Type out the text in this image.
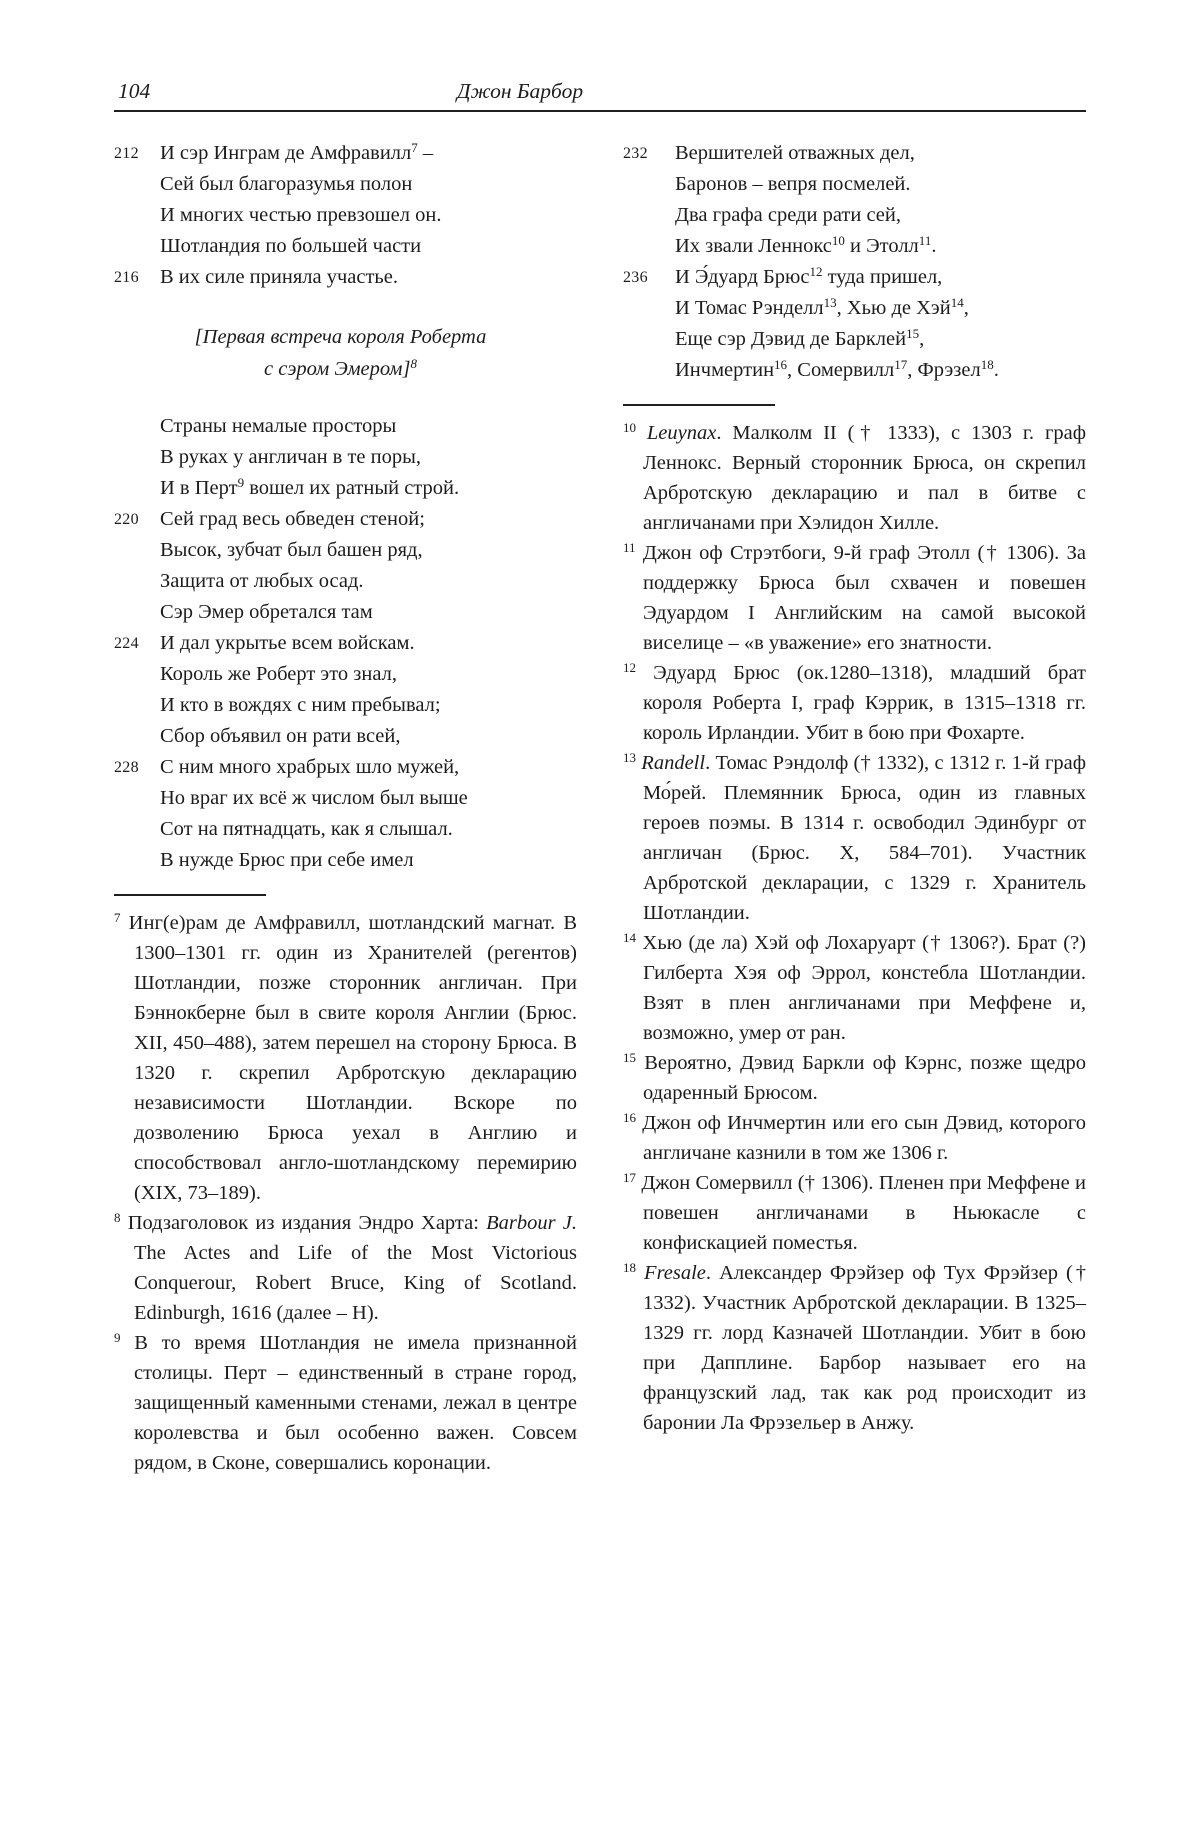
104	Джон Барбор
212 И сэр Инграм де Амфравилл$^7$ –
Сей был благоразумья полон
И многих честью превзошел он.
Шотландия по большей части
216 В их силе приняла участье.
[Первая встреча короля Роберта
с сэром Эмером]$^8$
Страны немалые просторы
В руках у англичан в те поры,
И в Перт$^9$ вошел их ратный строй.
220 Сей град весь обведен стеной;
Высок, зубчат был башен ряд,
Защита от любых осад.
Сэр Эмер обретался там
224 И дал укрытье всем войскам.
Король же Роберт это знал,
И кто в вождях с ним пребывал;
Сбор объявил он рати всей,
228 С ним много храбрых шло мужей,
Но враг их всё ж числом был выше
Сот на пятнадцать, как я слышал.
В нужде Брюс при себе имел

$^7$ Инг(е)рам де Амфравилл, шотландский магнат. В 1300–1301 гг. один из Хранителей (регентов) Шотландии, позже сторонник англичан. При Бэннокберне был в свите короля Англии (Брюс. XII, 450–488), затем перешел на сторону Брюса. В 1320 г. скрепил Арбротскую декларацию независимости Шотландии. Вскоре по дозволению Брюса уехал в Англию и способствовал англо-шотландскому перемирию (XIX, 73–189).

$^8$ Подзаголовок из издания Эндро Харта: Barbour J. The Actes and Life of the Most Victorious Conquerour, Robert Bruce, King of Scotland. Edinburgh, 1616 (далее – H).

$^9$ В то время Шотландия не имела признанной столицы. Перт – единственный в стране город, защищенный каменными стенами, лежал в центре королевства и был особенно важен. Совсем рядом, в Сконе, совершались коронации.

232 Вершителей отважных дел,
Баронов – вепря посмелей.
Два графа среди рати сей,
Их звали Леннокс$^{10}$ и Этолл$^{11}$.
236 И Э́дуард Брюс$^{12}$ туда пришел,
И Томас Рэнделл$^{13}$, Хью де Хэй$^{14}$,
Еще сэр Дэвид де Барклей$^{15}$,
Инчмертин$^{16}$, Сомервилл$^{17}$, Фрэзел$^{18}$.

$^{10}$ Leuynax. Малколм II († 1333), с 1303 г. граф Леннокс. Верный сторонник Брюса, он скрепил Арбротскую декларацию и пал в битве с англичанами при Хэлидон Хилле.

$^{11}$ Джон оф Стрэтбоги, 9-й граф Этолл († 1306). За поддержку Брюса был схвачен и повешен Эдуардом I Английским на самой высокой виселице – «в уважение» его знатности.

$^{12}$ Эдуард Брюс (ок.1280–1318), младший брат короля Роберта I, граф Кэррик, в 1315–1318 гг. король Ирландии. Убит в бою при Фохарте.

$^{13}$ Randell. Томас Рэндолф († 1332), с 1312 г. 1-й граф Мо́рей. Племянник Брюса, один из главных героев поэмы. В 1314 г. освободил Эдинбург от англичан (Брюс. X, 584–701). Участник Арбротской декларации, с 1329 г. Хранитель Шотландии.

$^{14}$ Хью (де ла) Хэй оф Лохаруарт († 1306?). Брат (?) Гилберта Хэя оф Эррол, констебла Шотландии. Взят в плен англичанами при Меффене и, возможно, умер от ран.

$^{15}$ Вероятно, Дэвид Баркли оф Кэрнс, позже щедро одаренный Брюсом.

$^{16}$ Джон оф Инчмертин или его сын Дэвид, которого англичане казнили в том же 1306 г.

$^{17}$ Джон Сомервилл († 1306). Пленен при Меффене и повешен англичанами в Ньюкасле с конфискацией поместья.

$^{18}$ Fresale. Александер Фрэйзер оф Тух Фрэйзер († 1332). Участник Арбротской декларации. В 1325–1329 гг. лорд Казначей Шотландии. Убит в бою при Дапплине. Барбор называет его на французский лад, так как род происходит из баронии Ла Фрэзельер в Анжу.
